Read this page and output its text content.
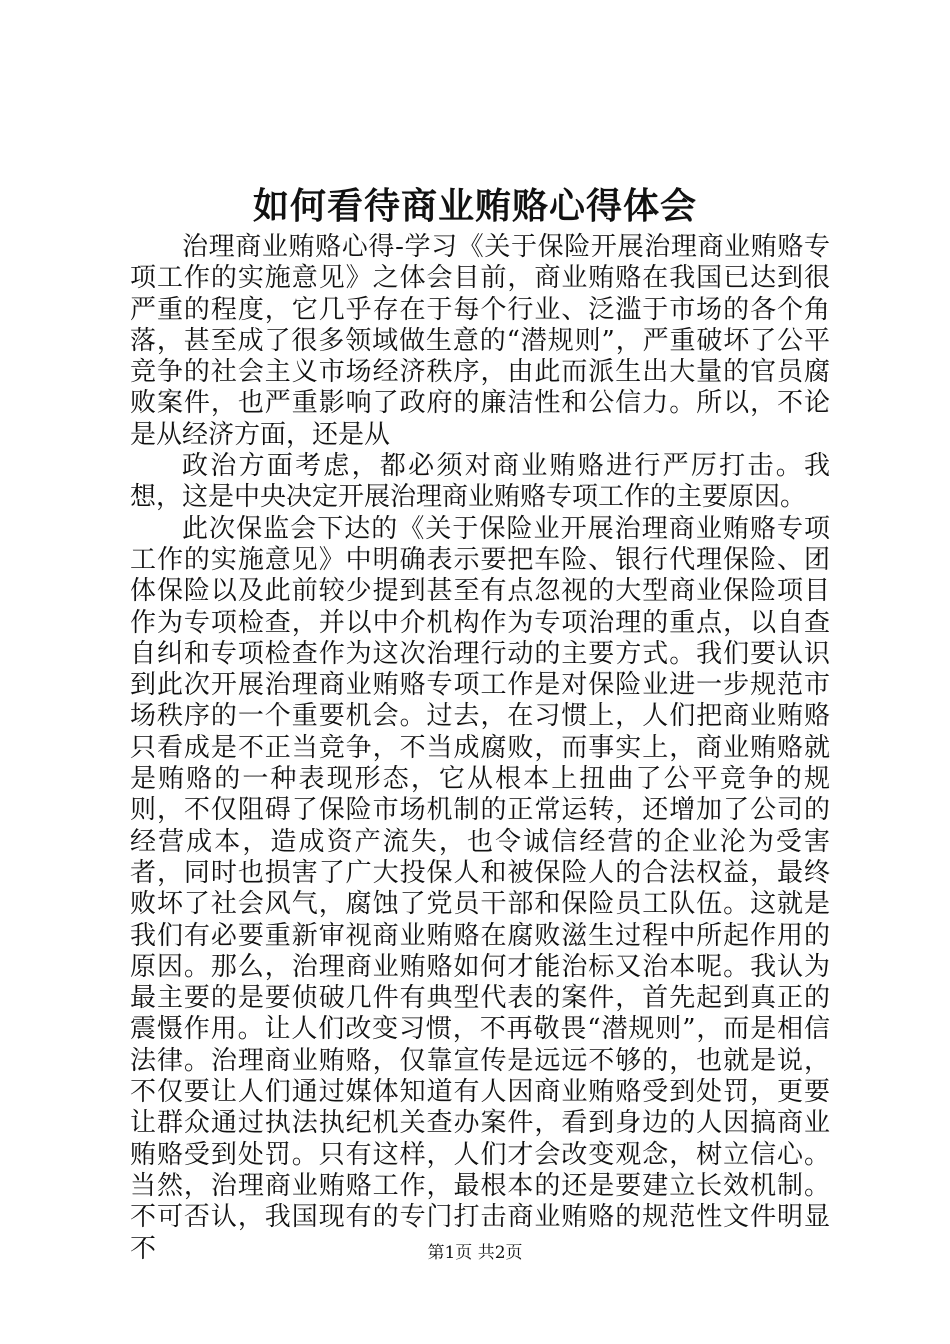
如何看待商业贿赂心得体会

治理商业贿赂心得-学习《关于保险开展治理商业贿赂专项工作的实施意见》之体会目前，商业贿赂在我国已达到很严重的程度，它几乎存在于每个行业、泛滥于市场的各个角落，甚至成了很多领域做生意的“潜规则”，严重破坏了公平竞争的社会主义市场经济秩序，由此而派生出大量的官员腐败案件，也严重影响了政府的廉洁性和公信力。所以，不论是从经济方面，还是从

政治方面考虑，都必须对商业贿赂进行严厉打击。我想，这是中央决定开展治理商业贿赂专项工作的主要原因。

此次保监会下达的《关于保险业开展治理商业贿赂专项工作的实施意见》中明确表示要把车险、银行代理保险、团体保险以及此前较少提到甚至有点忽视的大型商业保险项目作为专项检查，并以中介机构作为专项治理的重点，以自查自纠和专项检查作为这次治理行动的主要方式。我们要认识到此次开展治理商业贿赂专项工作是对保险业进一步规范市场秩序的一个重要机会。过去，在习惯上，人们把商业贿赂只看成是不正当竞争，不当成腐败，而事实上，商业贿赂就是贿赂的一种表现形态，它从根本上扭曲了公平竞争的规则，不仅阻碍了保险市场机制的正常运转，还增加了公司的经营成本，造成资产流失，也令诚信经营的企业沦为受害者，同时也损害了广大投保人和被保险人的合法权益，最终败坏了社会风气，腐蚀了党员干部和保险员工队伍。这就是我们有必要重新审视商业贿赂在腐败滋生过程中所起作用的原因。那么，治理商业贿赂如何才能治标又治本呢。我认为最主要的是要侦破几件有典型代表的案件，首先起到真正的震慑作用。让人们改变习惯，不再敬畏“潜规则”，而是相信法律。治理商业贿赂，仅靠宣传是远远不够的，也就是说，不仅要让人们通过媒体知道有人因商业贿赂受到处罚，更要让群众通过执法执纪机关查办案件，看到身边的人因搞商业贿赂受到处罚。只有这样，人们才会改变观念，树立信心。当然，治理商业贿赂工作，最根本的还是要建立长效机制。不可否认，我国现有的专门打击商业贿赂的规范性文件明显不	第1页 共2页
